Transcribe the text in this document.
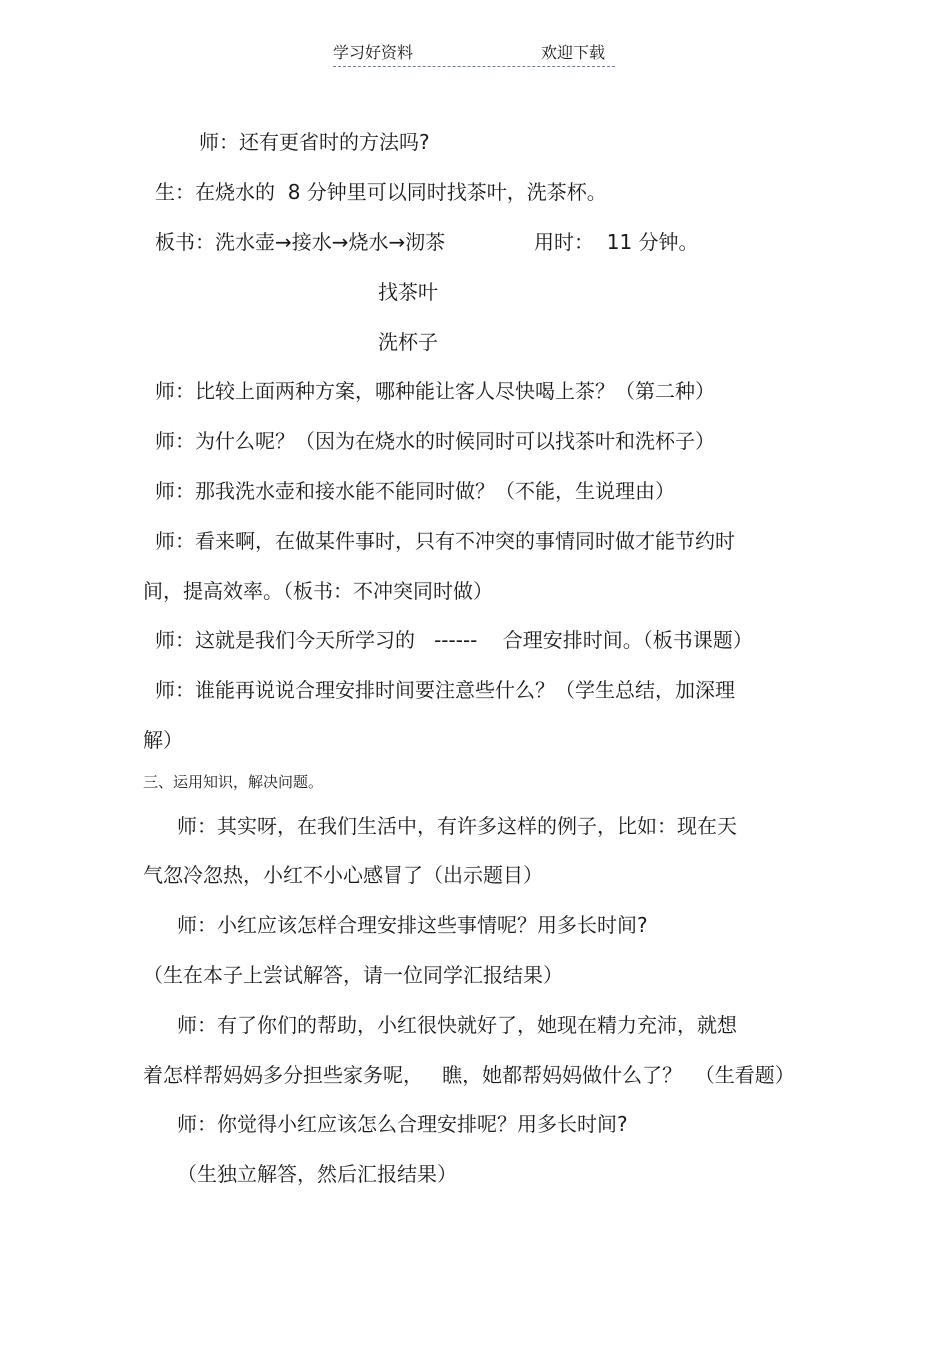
学习好资料	欢迎下载
师：还有更省时的方法吗?
生：在烧水的  8 分钟里可以同时找茶叶，洗茶杯。
板书：洗水壶→接水→烧水→沏茶	用时：  11 分钟。
找茶叶
洗杯子
师：比较上面两种方案，哪种能让客人尽快喝上茶？（第二种）
师：为什么呢？（因为在烧水的时候同时可以找茶叶和洗杯子）
师：那我洗水壶和接水能不能同时做？（不能，生说理由）
师：看来啊，在做某件事时，只有不冲突的事情同时做才能节约时
间，提高效率。（板书：不冲突同时做）
师：这就是我们今天所学习的   ------    合理安排时间。（板书课题）
师：谁能再说说合理安排时间要注意些什么？（学生总结，加深理
解）
三、运用知识，解决问题。
师：其实呀，在我们生活中，有许多这样的例子，比如：现在天
气忽冷忽热，小红不小心感冒了（出示题目）
师：小红应该怎样合理安排这些事情呢？用多长时间?
（生在本子上尝试解答，请一位同学汇报结果）
师：有了你们的帮助，小红很快就好了，她现在精力充沛，就想
着怎样帮妈妈多分担些家务呢，   瞧，她都帮妈妈做什么了？  （生看题）
师：你觉得小红应该怎么合理安排呢？用多长时间?
（生独立解答，然后汇报结果）
